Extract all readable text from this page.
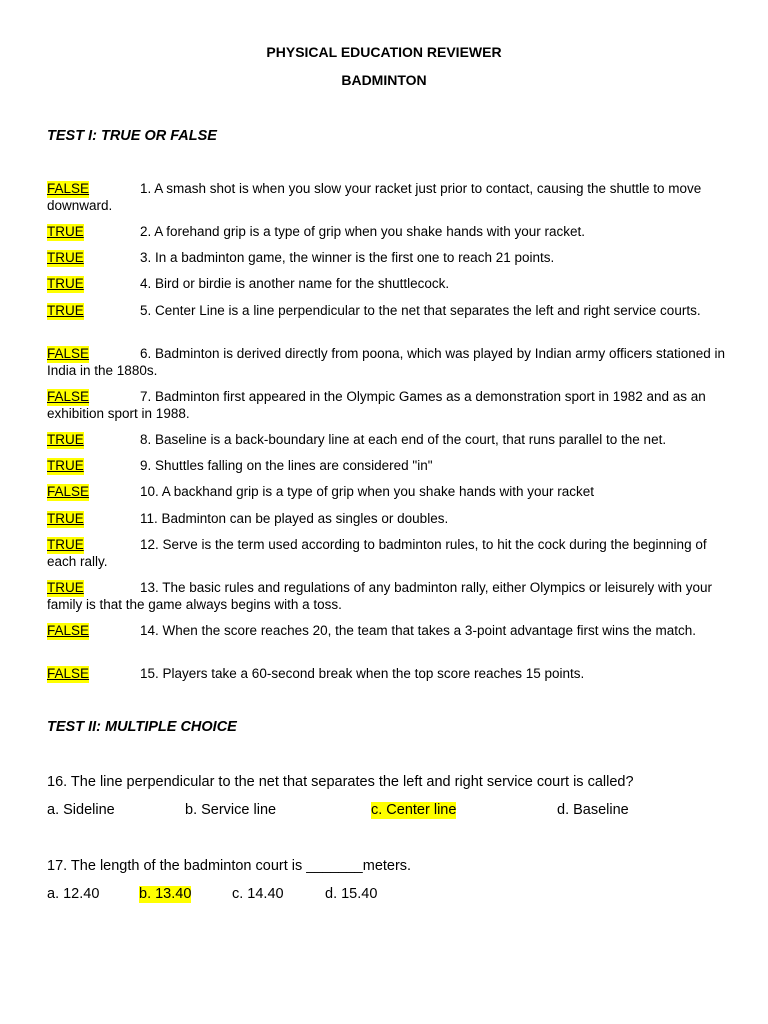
PHYSICAL EDUCATION REVIEWER
BADMINTON
TEST I: TRUE OR FALSE
FALSE	1. A smash shot is when you slow your racket just prior to contact, causing the shuttle to move downward.
TRUE	2. A forehand grip is a type of grip when you shake hands with your racket.
TRUE	3. In a badminton game, the winner is the first one to reach 21 points.
TRUE	4. Bird or birdie is another name for the shuttlecock.
TRUE	5. Center Line is a line perpendicular to the net that separates the left and right service courts.
FALSE	6. Badminton is derived directly from poona, which was played by Indian army officers stationed in India in the 1880s.
FALSE	7. Badminton first appeared in the Olympic Games as a demonstration sport in 1982 and as an exhibition sport in 1988.
TRUE	8. Baseline is a back-boundary line at each end of the court, that runs parallel to the net.
TRUE	9. Shuttles falling on the lines are considered "in"
FALSE	10. A backhand grip is a type of grip when you shake hands with your racket
TRUE	11. Badminton can be played as singles or doubles.
TRUE	12. Serve is the term used according to badminton rules, to hit the cock during the beginning of each rally.
TRUE	13. The basic rules and regulations of any badminton rally, either Olympics or leisurely with your family is that the game always begins with a toss.
FALSE	14. When the score reaches 20, the team that takes a 3-point advantage first wins the match.
FALSE	15. Players take a 60-second break when the top score reaches 15 points.
TEST II: MULTIPLE CHOICE
16. The line perpendicular to the net that separates the left and right service court is called?
a. Sideline	b. Service line	c. Center line	d. Baseline
17. The length of the badminton court is _______meters.
a. 12.40	b. 13.40	c. 14.40	d. 15.40
